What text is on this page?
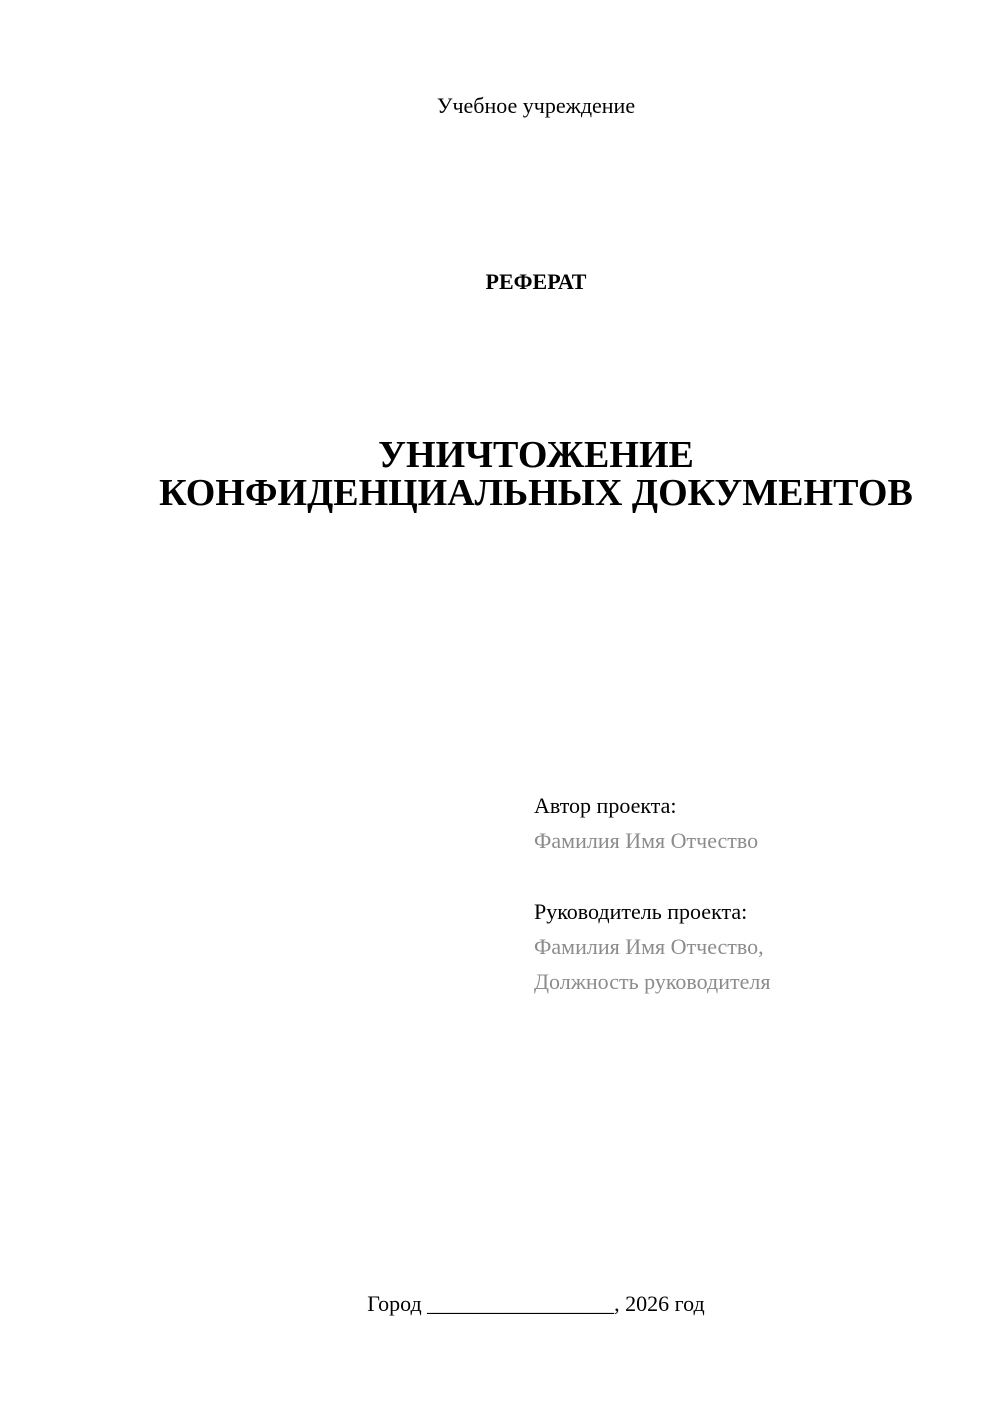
Учебное учреждение
РЕФЕРАТ
УНИЧТОЖЕНИЕ
КОНФИДЕНЦИАЛЬНЫХ ДОКУМЕНТОВ
Автор проекта:
Фамилия Имя Отчество
Руководитель проекта:
Фамилия Имя Отчество,
Должность руководителя
Город _________________, 2026 год
